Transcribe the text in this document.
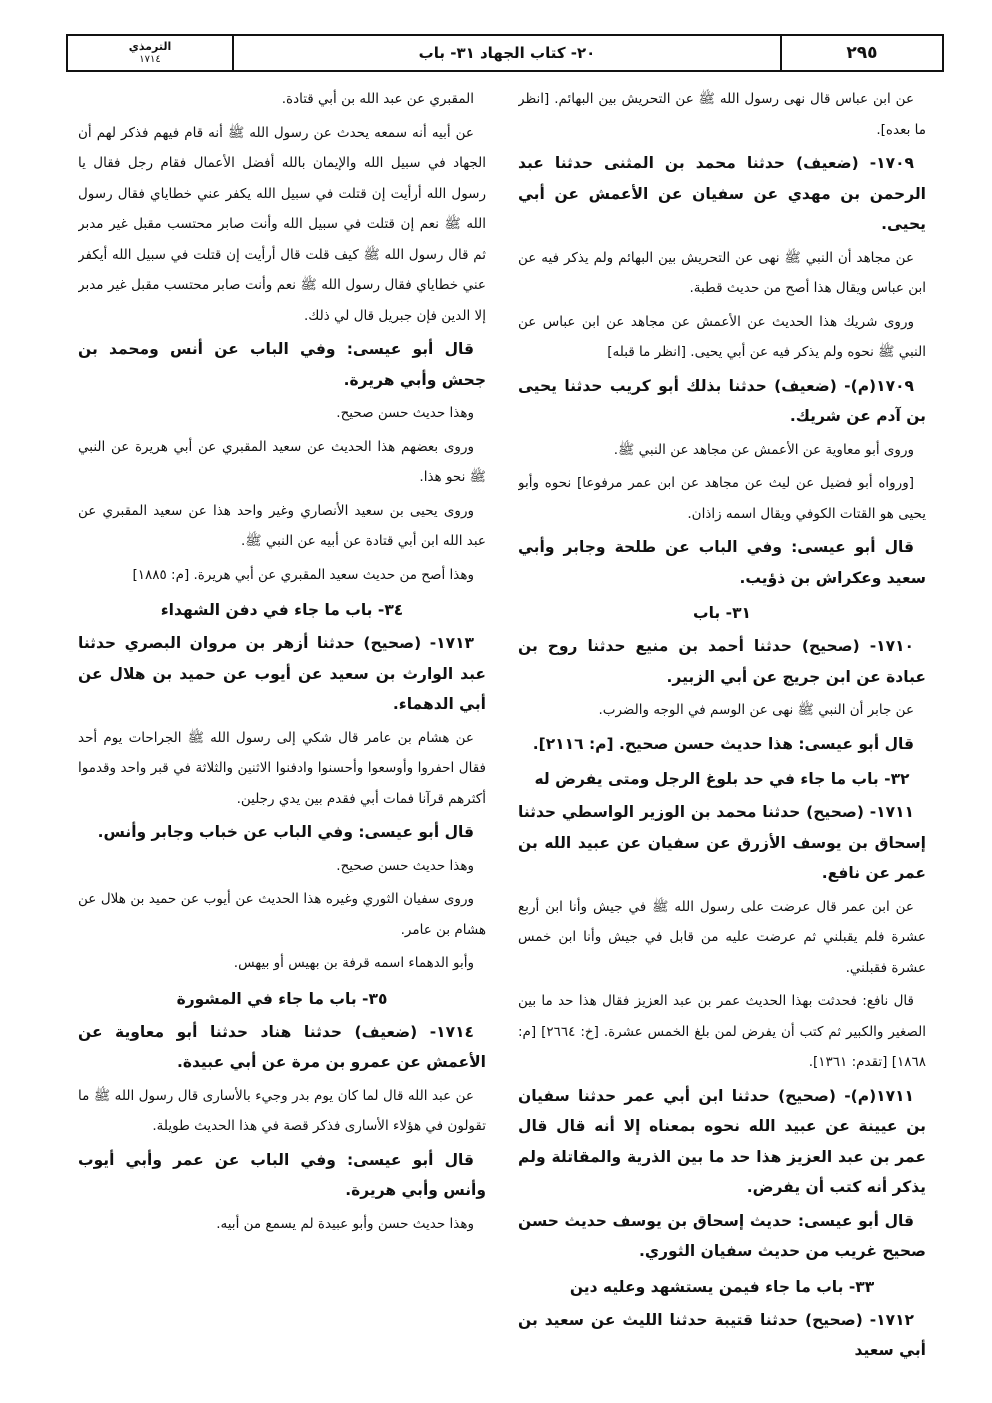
الترمذي
١٧١٤	٢٠- كتاب الجهاد ٣١- باب	٢٩٥

عن ابن عباس قال نهى رسول الله ﷺ عن التحريش بين البهائم. [انظر ما بعده].

١٧٠٩- (ضعيف) حدثنا محمد بن المثنى حدثنا عبد الرحمن بن مهدي عن سفيان عن الأعمش عن أبي يحيى.

عن مجاهد أن النبي ﷺ نهى عن التحريش بين البهائم ولم يذكر فيه عن ابن عباس ويقال هذا أصح من حديث قطبة.

وروى شريك هذا الحديث عن الأعمش عن مجاهد عن ابن عباس عن النبي ﷺ نحوه ولم يذكر فيه عن أبي يحيى. [انظر ما قبله]

١٧٠٩(م)- (ضعيف) حدثنا بذلك أبو كريب حدثنا يحيى بن آدم عن شريك.

وروى أبو معاوية عن الأعمش عن مجاهد عن النبي ﷺ.

[ورواه أبو فضيل عن ليث عن مجاهد عن ابن عمر مرفوعا] نحوه وأبو يحيى هو القتات الكوفي ويقال اسمه زاذان.

قال أبو عيسى: وفي الباب عن طلحة وجابر وأبي سعيد وعكراش بن ذؤيب.

٣١- باب

١٧١٠- (صحيح) حدثنا أحمد بن منيع حدثنا روح بن عبادة عن ابن جريج عن أبي الزبير.

عن جابر أن النبي ﷺ نهى عن الوسم في الوجه والضرب.

قال أبو عيسى: هذا حديث حسن صحيح. [م: ٢١١٦].

٣٢- باب ما جاء في حد بلوغ الرجل ومتى يفرض له

١٧١١- (صحيح) حدثنا محمد بن الوزير الواسطي حدثنا إسحاق بن يوسف الأزرق عن سفيان عن عبيد الله بن عمر عن نافع.

عن ابن عمر قال عرضت على رسول الله ﷺ في جيش وأنا ابن أربع عشرة فلم يقبلني ثم عرضت عليه من قابل في جيش وأنا ابن خمس عشرة فقبلني.

قال نافع: فحدثت بهذا الحديث عمر بن عبد العزيز فقال هذا حد ما بين الصغير والكبير ثم كتب أن يفرض لمن بلغ الخمس عشرة. [خ: ٢٦٦٤] [م: ١٨٦٨] [تقدم: ١٣٦١].

١٧١١(م)- (صحيح) حدثنا ابن أبي عمر حدثنا سفيان بن عيينة عن عبيد الله نحوه بمعناه إلا أنه قال قال عمر بن عبد العزيز هذا حد ما بين الذرية والمقاتلة ولم يذكر أنه كتب أن يفرض.

قال أبو عيسى: حديث إسحاق بن يوسف حديث حسن صحيح غريب من حديث سفيان الثوري.

٣٣- باب ما جاء فيمن يستشهد وعليه دين

١٧١٢- (صحيح) حدثنا قتيبة حدثنا الليث عن سعيد بن أبي سعيد

المقبري عن عبد الله بن أبي قتادة.

عن أبيه أنه سمعه يحدث عن رسول الله ﷺ أنه قام فيهم فذكر لهم أن الجهاد في سبيل الله والإيمان بالله أفضل الأعمال فقام رجل فقال يا رسول الله أرأيت إن قتلت في سبيل الله يكفر عني خطاياي فقال رسول الله ﷺ نعم إن قتلت في سبيل الله وأنت صابر محتسب مقبل غير مدبر ثم قال رسول الله ﷺ كيف قلت قال أرأيت إن قتلت في سبيل الله أيكفر عني خطاياي فقال رسول الله ﷺ نعم وأنت صابر محتسب مقبل غير مدبر إلا الدين فإن جبريل قال لي ذلك.

قال أبو عيسى: وفي الباب عن أنس ومحمد بن جحش وأبي هريرة.

وهذا حديث حسن صحيح.

وروى بعضهم هذا الحديث عن سعيد المقبري عن أبي هريرة عن النبي ﷺ نحو هذا.

وروى يحيى بن سعيد الأنصاري وغير واحد هذا عن سعيد المقبري عن عبد الله ابن أبي قتادة عن أبيه عن النبي ﷺ.

وهذا أصح من حديث سعيد المقبري عن أبي هريرة. [م: ١٨٨٥]

٣٤- باب ما جاء في دفن الشهداء

١٧١٣- (صحيح) حدثنا أزهر بن مروان البصري حدثنا عبد الوارث بن سعيد عن أيوب عن حميد بن هلال عن أبي الدهماء.

عن هشام بن عامر قال شكي إلى رسول الله ﷺ الجراحات يوم أحد فقال احفروا وأوسعوا وأحسنوا وادفنوا الاثنين والثلاثة في قبر واحد وقدموا أكثرهم قرآنا فمات أبي فقدم بين يدي رجلين.

قال أبو عيسى: وفي الباب عن خباب وجابر وأنس.

وهذا حديث حسن صحيح.

وروى سفيان الثوري وغيره هذا الحديث عن أيوب عن حميد بن هلال عن هشام بن عامر.

وأبو الدهماء اسمه قرفة بن بهيس أو بيهس.

٣٥- باب ما جاء في المشورة

١٧١٤- (ضعيف) حدثنا هناد حدثنا أبو معاوية عن الأعمش عن عمرو بن مرة عن أبي عبيدة.

عن عبد الله قال لما كان يوم بدر وجيء بالأسارى قال رسول الله ﷺ ما تقولون في هؤلاء الأسارى فذكر قصة في هذا الحديث طويلة.

قال أبو عيسى: وفي الباب عن عمر وأبي أيوب وأنس وأبي هريرة.

وهذا حديث حسن وأبو عبيدة لم يسمع من أبيه.
